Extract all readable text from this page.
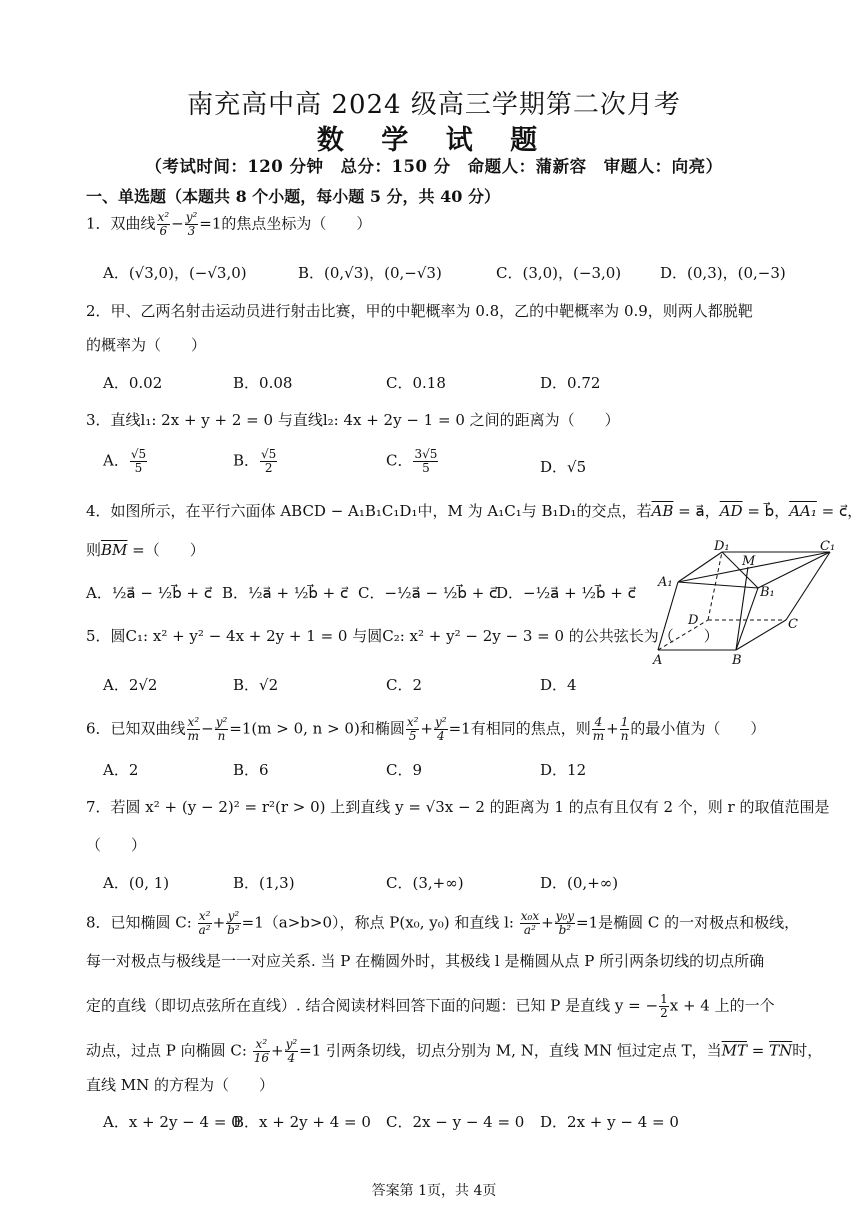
南充高中高 2024 级高三学期第二次月考
数 学 试 题
（考试时间：120 分钟　总分：150 分　命题人：蒲新容　审题人：向亮）
一、单选题（本题共 8 个小题，每小题 5 分，共 40 分）
1．双曲线 $\frac{\text{x²}}{6} - \frac{\text{y²}}{3} =1$的焦点坐标为（　　）
A．(√3,0)，(−√3,0)	B．(0,√3)，(0,−√3)	C．(3,0)，(−3,0)	D．(0,3)，(0,−3)
2．甲、乙两名射击运动员进行射击比赛，甲的中靶概率为 0.8，乙的中靶概率为 0.9，则两人都脱靶
的概率为（　　）
A．0.02	B．0.08	C．0.18	D．0.72
3．直线l₁: 2x + y + 2 = 0 与直线l₂: 4x + 2y − 1 = 0 之间的距离为（　　）
A． $\frac{√5}{5}$	B． $\frac{√5}{2}$	C． $\frac{3√5}{5}$	D．√5
4．如图所示，在平行六面体 ABCD − A₁B₁C₁D₁中，M 为 A₁C₁与 B₁D₁的交点，若$\overline{AB}$ = a⃗，$\overline{AD}$ = b⃗，AA₁ = c⃗，
则$\overline{BM}$ =（　　）
A．½a⃗ − ½b⃗ + c⃗ B．½a⃗ + ½b⃗ + c⃗ C．−½a⃗ − ½b⃗ + c⃗
D．−½a⃗ + ½b⃗ + c⃗
D₁	C₁
M
A₁
B₁
D	C
A	B
5．圆C₁: x² + y² − 4x + 2y + 1 = 0 与圆C₂: x² + y² − 2y − 3 = 0 的公共弦长为（　　）
A．2√2	B．√2	C．2	D．4
6．已知双曲线 $\frac{\text{x²}}{m} - \frac{\text{y²}}{n} =1(m > 0$, n > 0)和椭圆 $\frac{\text{x²}}{5} + \frac{\text{y²}}{4} =1$有相同的焦点，则 $\frac{4}{m} + \frac{1}{n}$ 的最小值为（　　）
A．2	B．6	C．9	D．12
7．若圆 x² + (y − 2)² = r²(r > 0) 上到直线 y = √3x − 2 的距离为 1 的点有且仅有 2 个，则 r 的取值范围是
（　　）
A．(0, 1)	B．(1,3)	C．(3,+∞)	D．(0,+∞)
8．已知椭圆 C: $\frac{\text{x²}}{\text{a²}} + \frac{\text{y²}}{\text{b²}} =1(a>b>0)$，称点 P(x₀, y₀) 和直线 l: $\frac{\text{x₀x}}{\text{a²}} + \frac{\text{y₀y}}{\text{b²}} =1$是椭圆 C 的一对极点和极线，
每一对极点与极线是一一对应关系. 当 P 在椭圆外时，其极线 l 是椭圆从点 P 所引两条切线的切点所确
定的直线（即切点弦所在直线）. 结合阅读材料回答下面的问题：已知 P 是直线 y = − $\frac{1}{2}$ x + 4 上的一个
动点，过点 P 向椭圆 C: $\frac{\text{x²}}{16} + \frac{\text{y²}}{4} =1$ 引两条切线，切点分别为 M, N，直线 MN 恒过定点 T，当$\overline{MT} = \overline{TN}$时，
直线 MN 的方程为（　　）
A．x + 2y − 4 = 0
B．x + 2y + 4 = 0 C．2x − y − 4 = 0 D．2x + y − 4 = 0
答案第 1页，共 4页
